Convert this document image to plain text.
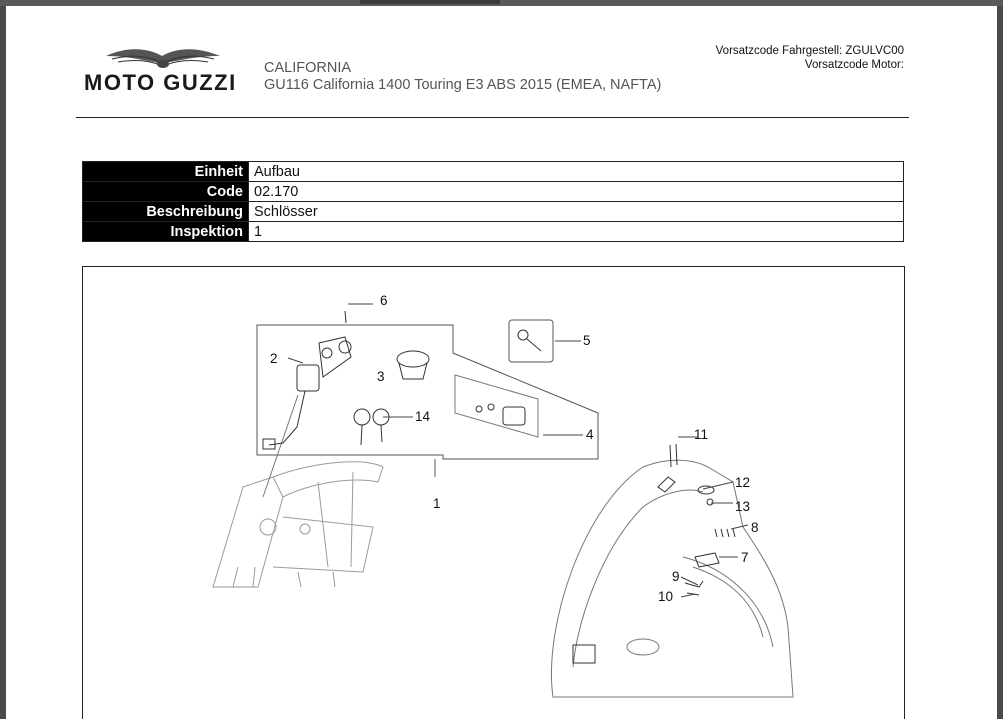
MOTO GUZZI
CALIFORNIA
GU116 California 1400 Touring E3 ABS 2015 (EMEA, NAFTA)
Vorsatzcode Fahrgestell: ZGULVC00
Vorsatzcode Motor:
Einheit	Aufbau
Code	02.170
Beschreibung	Schlösser
Inspektion	1
6
2
3
5
14
4
1
11
12
13
8
7
9
10
